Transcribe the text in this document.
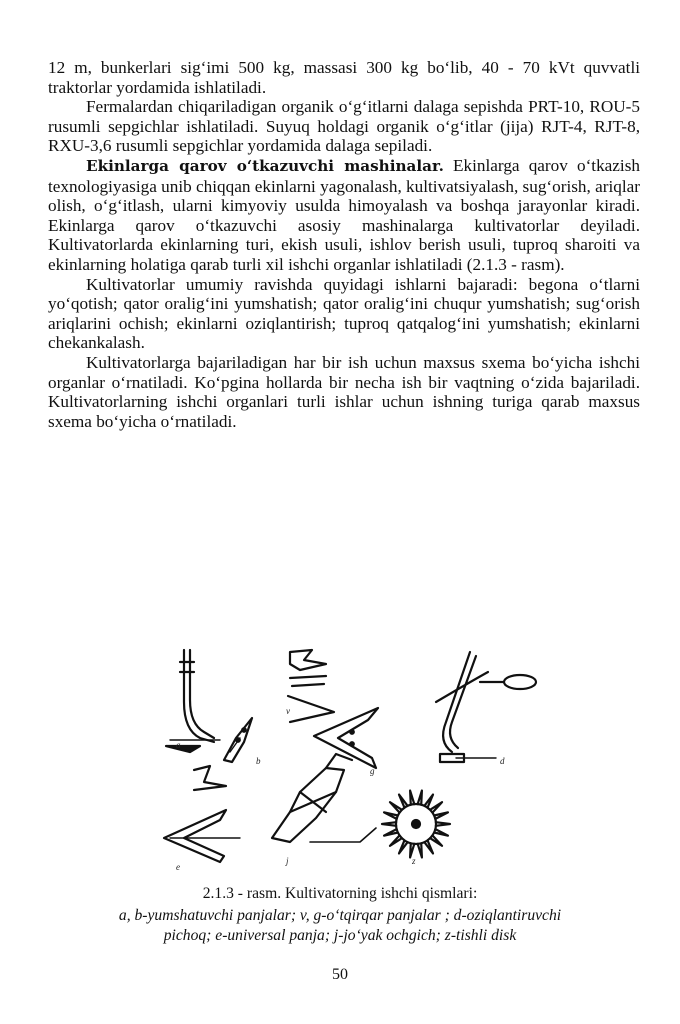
12 m, bunkerlari sig‘imi 500 kg, massasi 300 kg bo‘lib, 40 - 70 kVt quvvatli traktorlar yordamida ishlatiladi.

Fermalardan chiqariladigan organik o‘g‘itlarni dalaga sepishda PRT-10, ROU-5 rusumli sepgichlar ishlatiladi. Suyuq holdagi organik o‘g‘itlar (jija) RJT-4, RJT-8, RXU-3,6 rusumli sepgichlar yordamida dalaga sepiladi.

Ekinlarga qarov o‘tkazuvchi mashinalar. Ekinlarga qarov o‘tkazish texnologiyasiga unib chiqqan ekinlarni yagonalash, kultivatsiyalash, sug‘orish, ariqlar olish, o‘g‘itlash, ularni kimyoviy usulda himoyalash va boshqa jarayonlar kiradi. Ekinlarga qarov o‘tkazuvchi asosiy mashinalarga kultivatorlar deyiladi. Kultivatorlarda ekinlarning turi, ekish usuli, ishlov berish usuli, tuproq sharoiti va ekinlarning holatiga qarab turli xil ishchi organlar ishlatiladi (2.1.3 - rasm).

Kultivatorlar umumiy ravishda quyidagi ishlarni bajaradi: begona o‘tlarni yo‘qotish; qator oralig‘ini yumshatish; qator oralig‘ini chuqur yumshatish; sug‘orish ariqlarini ochish; ekinlarni oziqlantirish; tuproq qatqalog‘ini yumshatish; ekinlarni chekankalash.

Kultivatorlarga bajariladigan har bir ish uchun maxsus sxema bo‘yicha ishchi organlar o‘rnatiladi. Ko‘pgina hollarda bir necha ish bir vaqtning o‘zida bajariladi. Kultivatorlarning ishchi organlari turli ishlar uchun ishning turiga qarab maxsus sxema bo‘yicha o‘rnatiladi.

a
b
v
g
d
e
j	z
2.1.3 - rasm. Kultivatorning ishchi qismlari:
a, b-yumshatuvchi panjalar; v, g-o‘tqirqar panjalar ; d-oziqlantiruvchi
pichoq; e-universal panja; j-jo‘yak ochgich; z-tishli disk
50
